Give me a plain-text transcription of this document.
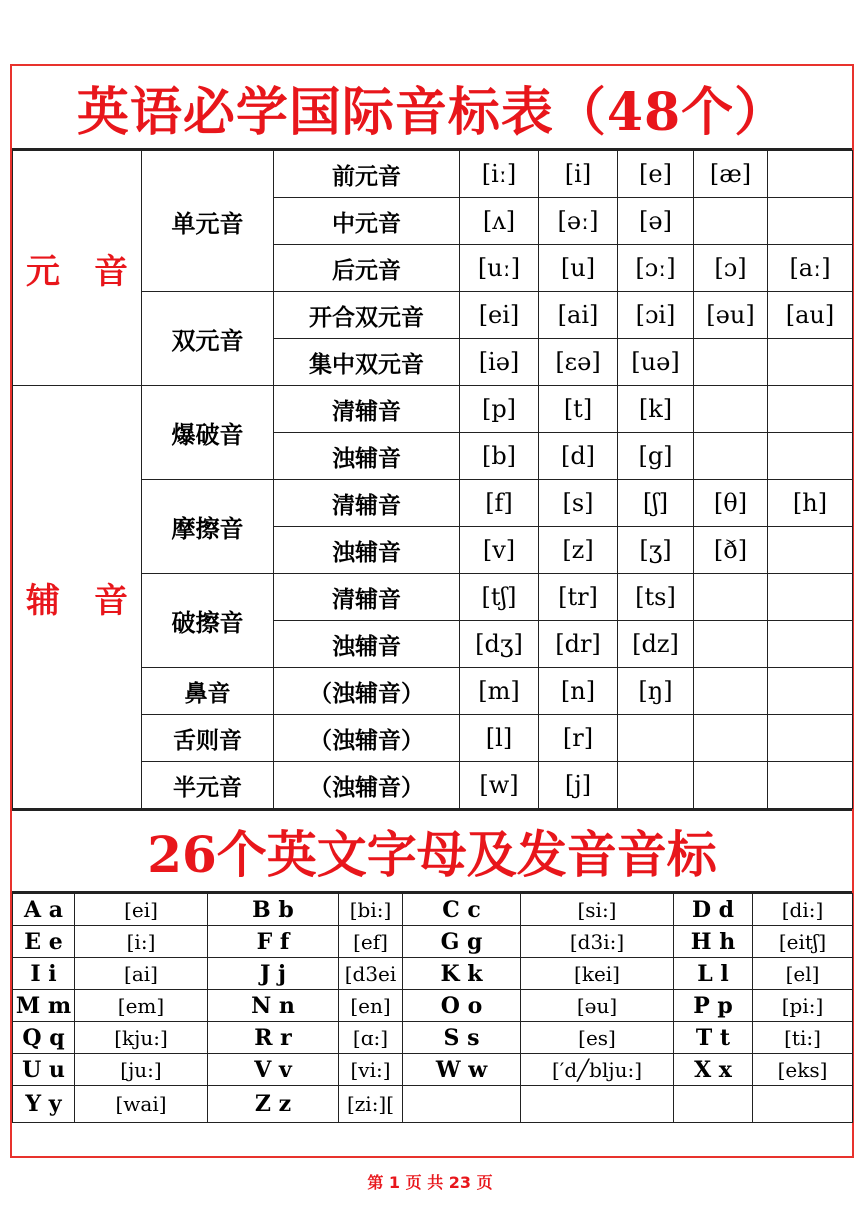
英语必学国际音标表（48个）
元　音	单元音	前元音	[iː]	[i]	[e]	[æ]	
		中元音	[ʌ]	[əː]	[ə]		
		后元音	[uː]	[u]	[ɔː]	[ɔ]	[aː]
	双元音	开合双元音	[ei]	[ai]	[ɔi]	[əu]	[au]
		集中双元音	[iə]	[ɛə]	[uə]		
辅　音	爆破音	清辅音	[p]	[t]	[k]		
		浊辅音	[b]	[d]	[g]		
	摩擦音	清辅音	[f]	[s]	[ʃ]	[θ]	[h]
		浊辅音	[v]	[z]	[ʒ]	[ð]	
	破擦音	清辅音	[tʃ]	[tr]	[ts]		
		浊辅音	[dʒ]	[dr]	[dz]		
	鼻音	（浊辅音）	[m]	[n]	[ŋ]		
	舌则音	（浊辅音）	[l]	[r]			
	半元音	（浊辅音）	[w]	[j]			
26个英文字母及发音音标
A a	[ei]	B b	[bi:]	C c	[si:]	D d	[di:]
E e	[i:]	F f	[ef]	G g	[d3i:]	H h	[eitʃ]
I i	[ai]	J j	[d3ei	K k	[kei]	L l	[el]
M m	[em]	N n	[en]	O o	[əu]	P p	[pi:]
Q q	[kju:]	R r	[ɑ:]	S s	[es]	T t	[ti:]
U u	[ju:]	V v	[vi:]	W w	[′d╱blju:]	X x	[eks]
Y y	[wai]	Z z	[zi:][				
第 1 页 共 23 页
